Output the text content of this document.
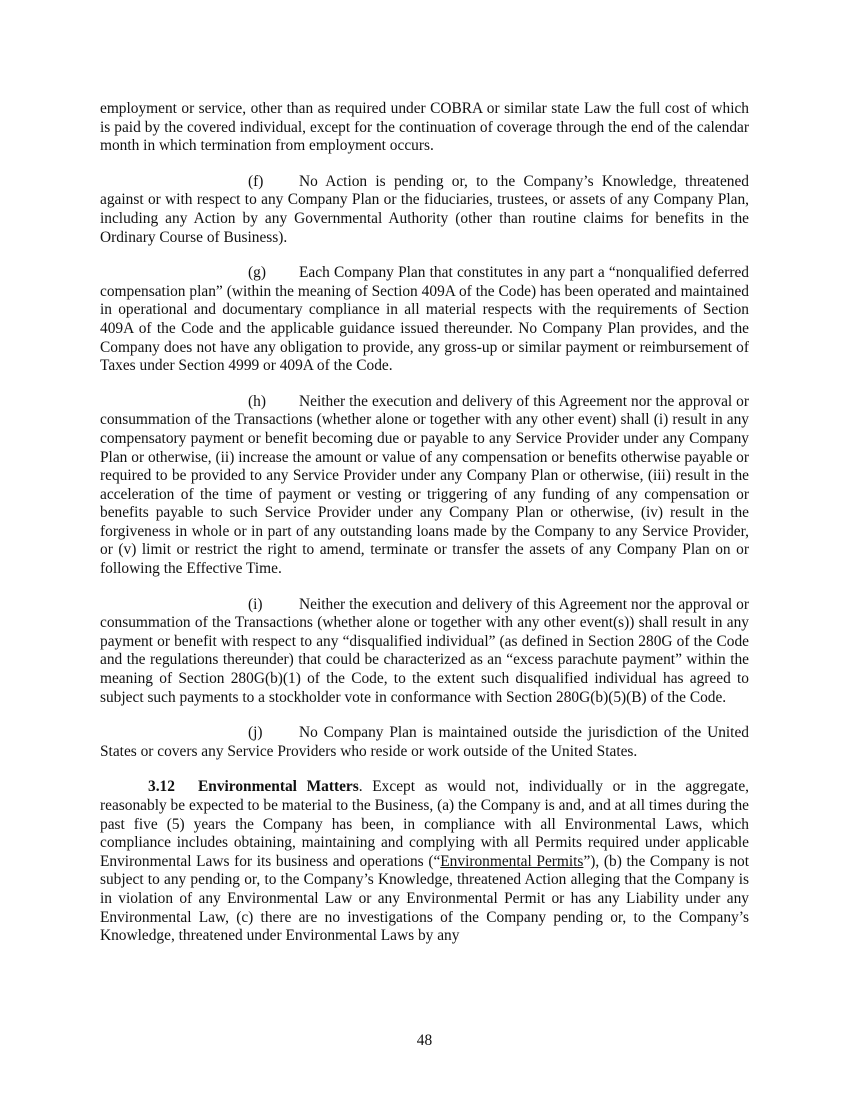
employment or service, other than as required under COBRA or similar state Law the full cost of which is paid by the covered individual, except for the continuation of coverage through the end of the calendar month in which termination from employment occurs.

(f) No Action is pending or, to the Company’s Knowledge, threatened against or with respect to any Company Plan or the fiduciaries, trustees, or assets of any Company Plan, including any Action by any Governmental Authority (other than routine claims for benefits in the Ordinary Course of Business).

(g) Each Company Plan that constitutes in any part a “nonqualified deferred compensation plan” (within the meaning of Section 409A of the Code) has been operated and maintained in operational and documentary compliance in all material respects with the requirements of Section 409A of the Code and the applicable guidance issued thereunder. No Company Plan provides, and the Company does not have any obligation to provide, any gross-up or similar payment or reimbursement of Taxes under Section 4999 or 409A of the Code.

(h) Neither the execution and delivery of this Agreement nor the approval or consummation of the Transactions (whether alone or together with any other event) shall (i) result in any compensatory payment or benefit becoming due or payable to any Service Provider under any Company Plan or otherwise, (ii) increase the amount or value of any compensation or benefits otherwise payable or required to be provided to any Service Provider under any Company Plan or otherwise, (iii) result in the acceleration of the time of payment or vesting or triggering of any funding of any compensation or benefits payable to such Service Provider under any Company Plan or otherwise, (iv) result in the forgiveness in whole or in part of any outstanding loans made by the Company to any Service Provider, or (v) limit or restrict the right to amend, terminate or transfer the assets of any Company Plan on or following the Effective Time.

(i) Neither the execution and delivery of this Agreement nor the approval or consummation of the Transactions (whether alone or together with any other event(s)) shall result in any payment or benefit with respect to any “disqualified individual” (as defined in Section 280G of the Code and the regulations thereunder) that could be characterized as an “excess parachute payment” within the meaning of Section 280G(b)(1) of the Code, to the extent such disqualified individual has agreed to subject such payments to a stockholder vote in conformance with Section 280G(b)(5)(B) of the Code.

(j) No Company Plan is maintained outside the jurisdiction of the United States or covers any Service Providers who reside or work outside of the United States.

3.12 Environmental Matters. Except as would not, individually or in the aggregate, reasonably be expected to be material to the Business, (a) the Company is and, and at all times during the past five (5) years the Company has been, in compliance with all Environmental Laws, which compliance includes obtaining, maintaining and complying with all Permits required under applicable Environmental Laws for its business and operations (“Environmental Permits”), (b) the Company is not subject to any pending or, to the Company’s Knowledge, threatened Action alleging that the Company is in violation of any Environmental Law or any Environmental Permit or has any Liability under any Environmental Law, (c) there are no investigations of the Company pending or, to the Company’s Knowledge, threatened under Environmental Laws by any

48
